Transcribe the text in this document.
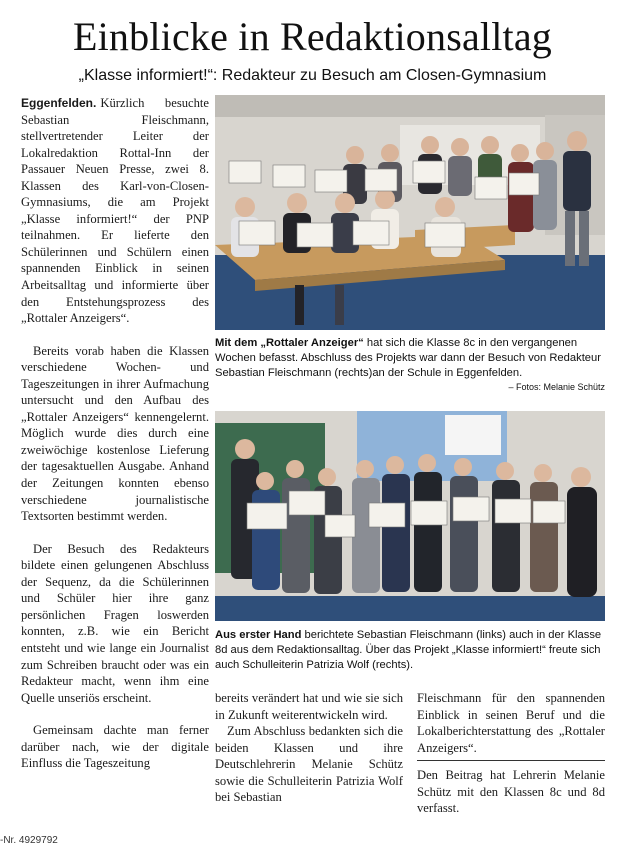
Einblicke in Redaktionsalltag
„Klasse informiert!“: Redakteur zu Besuch am Closen-Gymnasium

Eggenfelden. Kürzlich besuchte Sebastian Fleischmann, stellvertretender Leiter der Lokalredaktion Rottal-Inn der Passauer Neuen Presse, zwei 8. Klassen des Karl-von-Closen-Gymnasiums, die am Projekt „Klasse informiert!“ der PNP teilnahmen. Er lieferte den Schülerinnen und Schülern einen spannenden Einblick in seinen Arbeitsalltag und informierte über den Entstehungsprozess des „Rottaler Anzeigers“.

Bereits vorab haben die Klassen verschiedene Wochen- und Tageszeitungen in ihrer Aufmachung untersucht und den Aufbau des „Rottaler Anzeigers“ kennengelernt. Möglich wurde dies durch eine zweiwöchige kostenlose Lieferung der tagesaktuellen Ausgabe. Anhand der Zeitungen konnten ebenso verschiedene journalistische Textsorten bestimmt werden.

Der Besuch des Redakteurs bildete einen gelungenen Abschluss der Sequenz, da die Schülerinnen und Schüler hier ihre ganz persönlichen Fragen loswerden konnten, z.B. wie ein Bericht entsteht und wie lange ein Journalist zum Schreiben braucht oder was ein Redakteur macht, wenn ihm eine Quelle unseriös erscheint.

Gemeinsam dachte man ferner darüber nach, wie der digitale Einfluss die Tageszeitung

Mit dem „Rottaler Anzeiger“ hat sich die Klasse 8c in den vergangenen Wochen befasst. Abschluss des Projekts war dann der Besuch von Redakteur Sebastian Fleischmann (rechts)an der Schule in Eggenfelden.
– Fotos: Melanie Schütz
Aus erster Hand berichtete Sebastian Fleischmann (links) auch in der Klasse 8d aus dem Redaktionsalltag. Über das Projekt „Klasse informiert!“ freute sich auch Schulleiterin Patrizia Wolf (rechts).

bereits verändert hat und wie sie sich in Zukunft weiterentwickeln wird.

Zum Abschluss bedankten sich die beiden Klassen und ihre Deutschlehrerin Melanie Schütz sowie die Schulleiterin Patrizia Wolf bei Sebastian

Fleischmann für den spannenden Einblick in seinen Beruf und die Lokalberichterstattung des „Rottaler Anzeigers“.

Den Beitrag hat Lehrerin Melanie Schütz mit den Klassen 8c und 8d verfasst.

-Nr. 4929792
